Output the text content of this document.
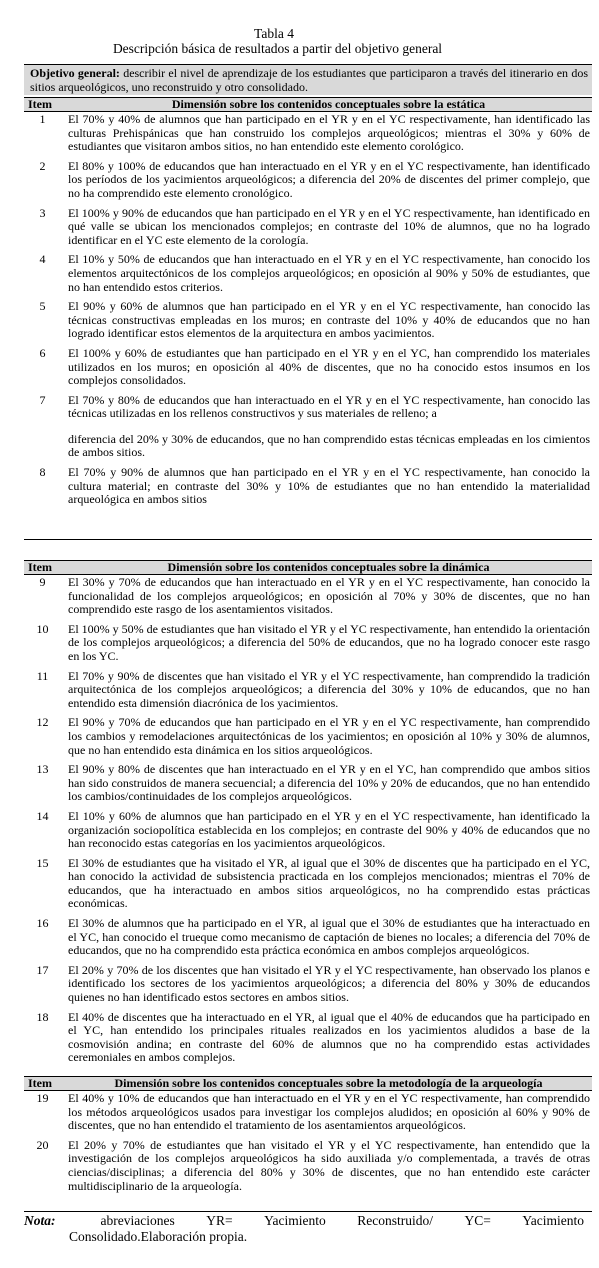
Tabla 4
Descripción básica de resultados a partir del objetivo general
Objetivo general: describir el nivel de aprendizaje de los estudiantes que participaron a través del itinerario en dos sitios arqueológicos, uno reconstruido y otro consolidado.
Item	Dimensión sobre los contenidos conceptuales sobre la estática
1	El 70% y 40% de alumnos que han participado en el YR y en el YC respectivamente, han identificado las culturas Prehispánicas que han construido los complejos arqueológicos; mientras el 30% y 60% de estudiantes que visitaron ambos sitios, no han entendido este elemento corológico.
2	El 80% y 100% de educandos que han interactuado en el YR y en el YC respectivamente, han identificado los períodos de los yacimientos arqueológicos; a diferencia del 20% de discentes del primer complejo, que no ha comprendido este elemento cronológico.
3	El 100% y 90% de educandos que han participado en el YR y en el YC respectivamente, han identificado en qué valle se ubican los mencionados complejos; en contraste del 10% de alumnos, que no ha logrado identificar en el YC este elemento de la corología.
4	El 10% y 50% de educandos que han interactuado en el YR y en el YC respectivamente, han conocido los elementos arquitectónicos de los complejos arqueológicos; en oposición al 90% y 50% de estudiantes, que no han entendido estos criterios.
5	El 90% y 60% de alumnos que han participado en el YR y en el YC respectivamente, han conocido las técnicas constructivas empleadas en los muros; en contraste del 10% y 40% de educandos que no han logrado identificar estos elementos de la arquitectura en ambos yacimientos.
6	El 100% y 60% de estudiantes que han participado en el YR y en el YC, han comprendido los materiales utilizados en los muros; en oposición al 40% de discentes, que no ha conocido estos insumos en los complejos consolidados.
7	El 70% y 80% de educandos que han interactuado en el YR y en el YC respectivamente, han conocido las técnicas utilizadas en los rellenos constructivos y sus materiales de relleno; a
diferencia del 20% y 30% de educandos, que no han comprendido estas técnicas empleadas en los cimientos de ambos sitios.

8	El 70% y 90% de alumnos que han participado en el YR y en el YC respectivamente, han conocido la cultura material; en contraste del 30% y 10% de estudiantes que no han entendido la materialidad arqueológica en ambos sitios
Item	Dimensión sobre los contenidos conceptuales sobre la dinámica
9	El 30% y 70% de educandos que han interactuado en el YR y en el YC respectivamente, han conocido la funcionalidad de los complejos arqueológicos; en oposición al 70% y 30% de discentes, que no han comprendido este rasgo de los asentamientos visitados.
10	El 100% y 50% de estudiantes que han visitado el YR y el YC respectivamente, han entendido la orientación de los complejos arqueológicos; a diferencia del 50% de educandos, que no ha logrado conocer este rasgo en los YC.
11	El 70% y 90% de discentes que han visitado el YR y el YC respectivamente, han comprendido la tradición arquitectónica de los complejos arqueológicos; a diferencia del 30% y 10% de educandos, que no han entendido esta dimensión diacrónica de los yacimientos.
12	El 90% y 70% de educandos que han participado en el YR y en el YC respectivamente, han comprendido los cambios y remodelaciones arquitectónicas de los yacimientos; en oposición al 10% y 30% de alumnos, que no han entendido esta dinámica en los sitios arqueológicos.
13	El 90% y 80% de discentes que han interactuado en el YR y en el YC, han comprendido que ambos sitios han sido construidos de manera secuencial; a diferencia del 10% y 20% de educandos, que no han entendido los cambios/continuidades de los complejos arqueológicos.
14	El 10% y 60% de alumnos que han participado en el YR y en el YC respectivamente, han identificado la organización sociopolítica establecida en los complejos; en contraste del 90% y 40% de educandos que no han reconocido estas categorías en los yacimientos arqueológicos.
15	El 30% de estudiantes que ha visitado el YR, al igual que el 30% de discentes que ha participado en el YC, han conocido la actividad de subsistencia practicada en los complejos mencionados; mientras el 70% de educandos, que ha interactuado en ambos sitios arqueológicos, no ha comprendido estas prácticas económicas.
16	El 30% de alumnos que ha participado en el YR, al igual que el 30% de estudiantes que ha interactuado en el YC, han conocido el trueque como mecanismo de captación de bienes no locales; a diferencia del 70% de educandos, que no ha comprendido esta práctica económica en ambos complejos arqueológicos.
17	El 20% y 70% de los discentes que han visitado el YR y el YC respectivamente, han observado los planos e identificado los sectores de los yacimientos arqueológicos; a diferencia del 80% y 30% de educandos quienes no han identificado estos sectores en ambos sitios.
18	El 40% de discentes que ha interactuado en el YR, al igual que el 40% de educandos que ha participado en el YC, han entendido los principales rituales realizados en los yacimientos aludidos a base de la cosmovisión andina; en contraste del 60% de alumnos que no ha comprendido estas actividades ceremoniales en ambos complejos.
Item	Dimensión sobre los contenidos conceptuales sobre la metodología de la arqueología
19	El 40% y 10% de educandos que han interactuado en el YR y en el YC respectivamente, han comprendido los métodos arqueológicos usados para investigar los complejos aludidos; en oposición al 60% y 90% de discentes, que no han entendido el tratamiento de los asentamientos arqueológicos.
20	El 20% y 70% de estudiantes que han visitado el YR y el YC respectivamente, han entendido que la investigación de los complejos arqueológicos ha sido auxiliada y/o complementada, a través de otras ciencias/disciplinas; a diferencia del 80% y 30% de discentes, que no han entendido este carácter multidisciplinario de la arqueología.
Nota:	abreviaciones YR= Yacimiento Reconstruido/ YC= Yacimiento
Consolidado.Elaboración propia.
